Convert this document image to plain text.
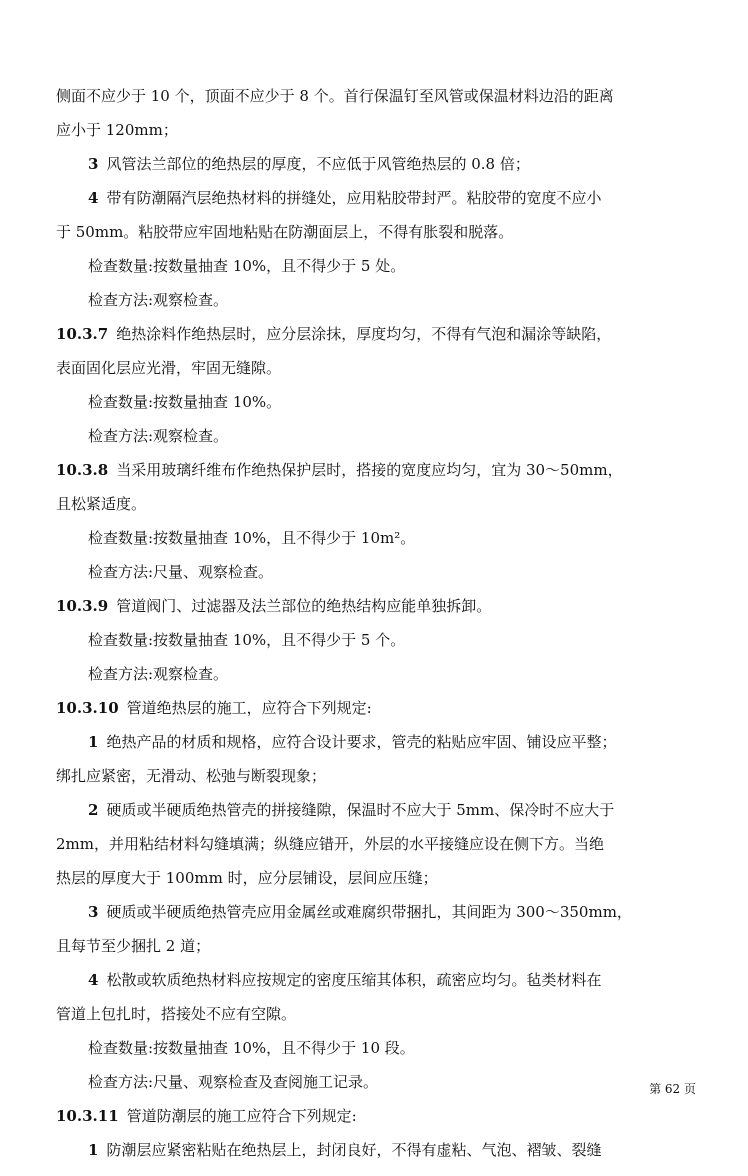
侧面不应少于 10 个，顶面不应少于 8 个。首行保温钉至风管或保温材料边沿的距离
应小于 120mm；
3 风管法兰部位的绝热层的厚度，不应低于风管绝热层的 0.8 倍；
4 带有防潮隔汽层绝热材料的拼缝处，应用粘胶带封严。粘胶带的宽度不应小
于 50mm。粘胶带应牢固地粘贴在防潮面层上，不得有胀裂和脱落。
检查数量:按数量抽查 10%，且不得少于 5 处。
检查方法:观察检查。
10.3.7 绝热涂料作绝热层时，应分层涂抹，厚度均匀，不得有气泡和漏涂等缺陷，
表面固化层应光滑，牢固无缝隙。
检查数量:按数量抽查 10%。
检查方法:观察检查。
10.3.8 当采用玻璃纤维布作绝热保护层时，搭接的宽度应均匀，宜为 30～50mm，
且松紧适度。
检查数量:按数量抽查 10%，且不得少于 10m²。
检查方法:尺量、观察检查。
10.3.9 管道阀门、过滤器及法兰部位的绝热结构应能单独拆卸。
检查数量:按数量抽查 10%，且不得少于 5 个。
检查方法:观察检查。
10.3.10 管道绝热层的施工，应符合下列规定:
1 绝热产品的材质和规格，应符合设计要求，管壳的粘贴应牢固、铺设应平整；
绑扎应紧密，无滑动、松弛与断裂现象；
2 硬质或半硬质绝热管壳的拼接缝隙，保温时不应大于 5mm、保冷时不应大于
2mm，并用粘结材料勾缝填满；纵缝应错开，外层的水平接缝应设在侧下方。当绝
热层的厚度大于 100mm 时，应分层铺设，层间应压缝；
3 硬质或半硬质绝热管壳应用金属丝或难腐织带捆扎，其间距为 300～350mm，
且每节至少捆扎 2 道；
4 松散或软质绝热材料应按规定的密度压缩其体积，疏密应均匀。毡类材料在
管道上包扎时，搭接处不应有空隙。
检查数量:按数量抽查 10%，且不得少于 10 段。
检查方法:尺量、观察检查及查阅施工记录。
10.3.11 管道防潮层的施工应符合下列规定:
1 防潮层应紧密粘贴在绝热层上，封闭良好，不得有虚粘、气泡、褶皱、裂缝
第 62 页
